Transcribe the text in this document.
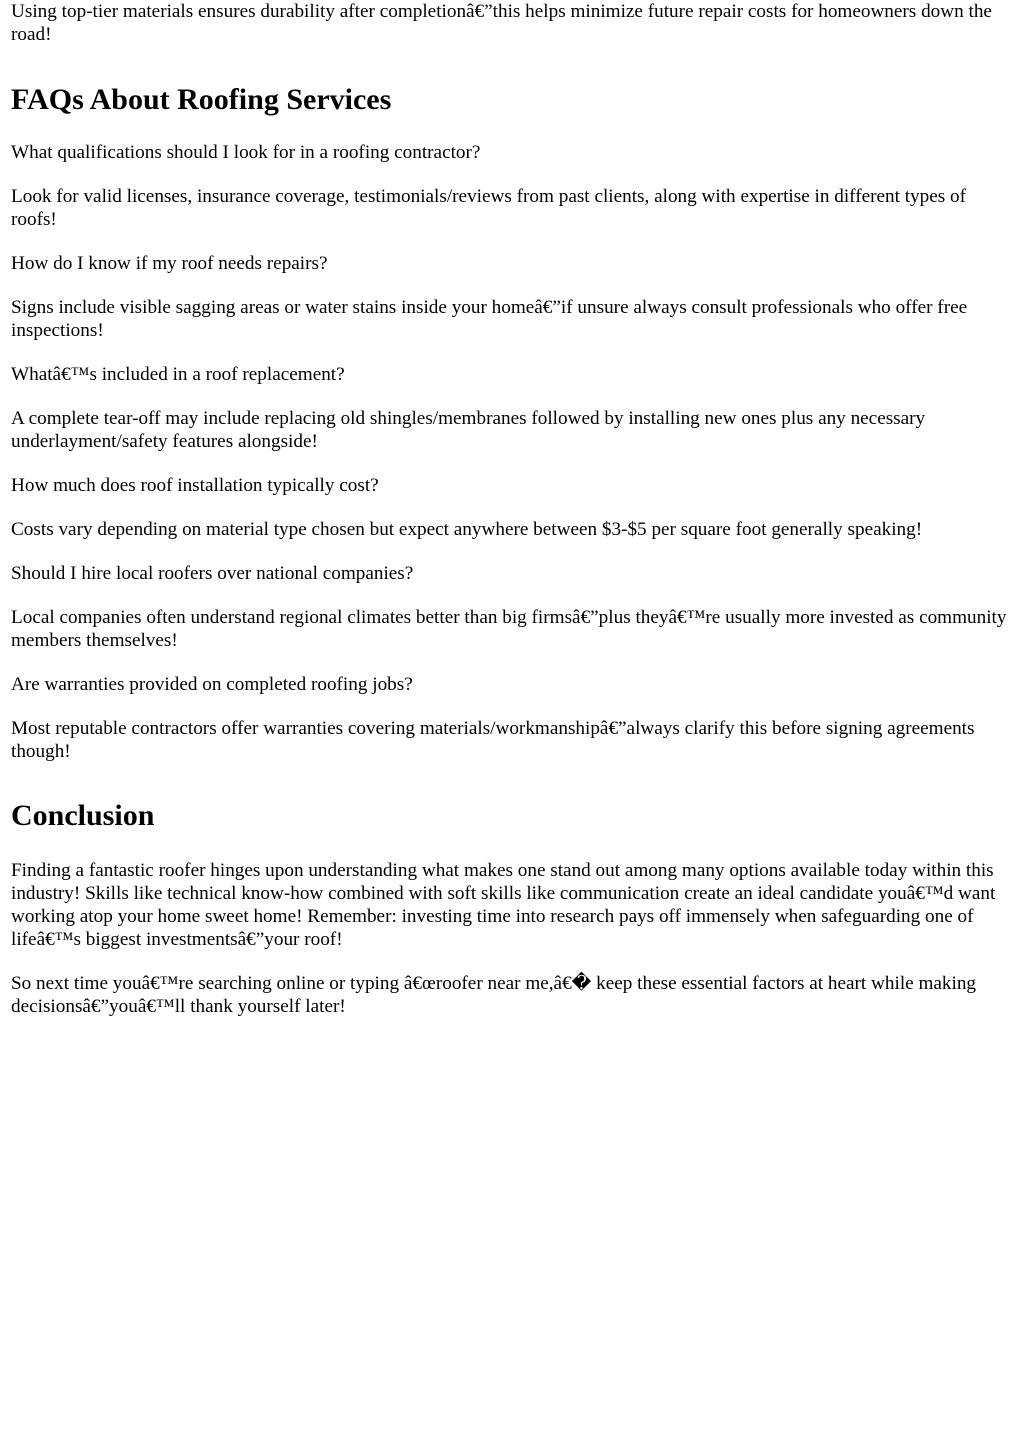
Using top-tier materials ensures durability after completionâ€”this helps minimize future repair costs for homeowners down the road!

FAQs About Roofing Services

What qualifications should I look for in a roofing contractor?

Look for valid licenses, insurance coverage, testimonials/reviews from past clients, along with expertise in different types of roofs!

How do I know if my roof needs repairs?

Signs include visible sagging areas or water stains inside your homeâ€”if unsure always consult professionals who offer free inspections!

Whatâ€™s included in a roof replacement?

A complete tear-off may include replacing old shingles/membranes followed by installing new ones plus any necessary underlayment/safety features alongside!

How much does roof installation typically cost?

Costs vary depending on material type chosen but expect anywhere between $3-$5 per square foot generally speaking!

Should I hire local roofers over national companies?

Local companies often understand regional climates better than big firmsâ€”plus theyâ€™re usually more invested as community members themselves!

Are warranties provided on completed roofing jobs?

Most reputable contractors offer warranties covering materials/workmanshipâ€”always clarify this before signing agreements though!

Conclusion

Finding a fantastic roofer hinges upon understanding what makes one stand out among many options available today within this industry! Skills like technical know-how combined with soft skills like communication create an ideal candidate youâ€™d want working atop your home sweet home! Remember: investing time into research pays off immensely when safeguarding one of lifeâ€™s biggest investmentsâ€”your roof!

So next time youâ€™re searching online or typing â€œroofer near me,â€� keep these essential factors at heart while making decisionsâ€”youâ€™ll thank yourself later!
